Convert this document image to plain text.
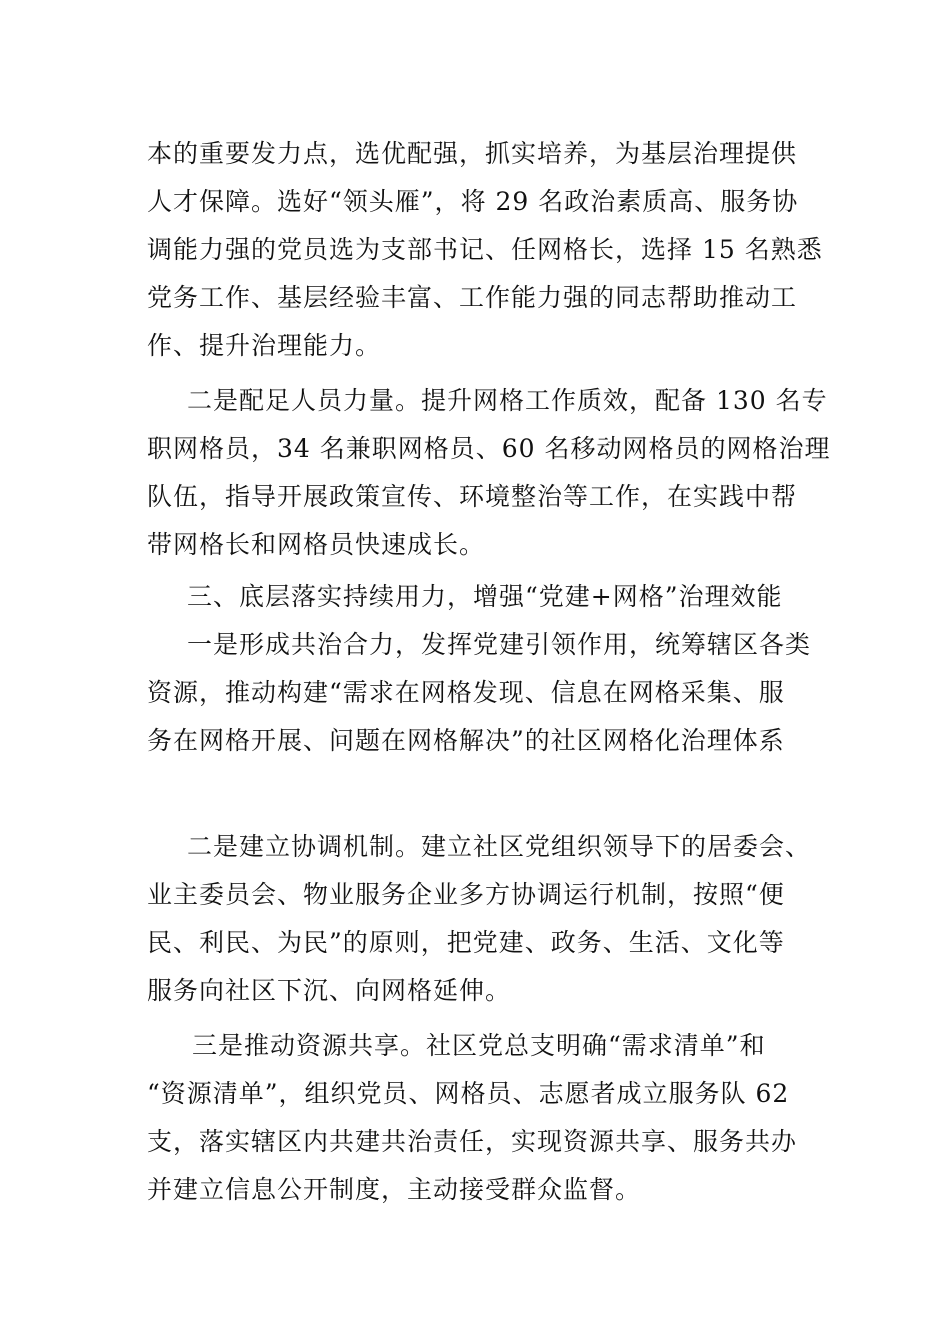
本的重要发力点，选优配强，抓实培养，为基层治理提供
人才保障。选好“领头雁”，将 29 名政治素质高、服务协
调能力强的党员选为支部书记、任网格长，选择 15 名熟悉
党务工作、基层经验丰富、工作能力强的同志帮助推动工
作、提升治理能力。
二是配足人员力量。提升网格工作质效，配备 130 名专
职网格员，34 名兼职网格员、60 名移动网格员的网格治理
队伍，指导开展政策宣传、环境整治等工作，在实践中帮
带网格长和网格员快速成长。
三、底层落实持续用力，增强“党建+网格”治理效能
一是形成共治合力，发挥党建引领作用，统筹辖区各类
资源，推动构建“需求在网格发现、信息在网格采集、服
务在网格开展、问题在网格解决”的社区网格化治理体系
二是建立协调机制。建立社区党组织领导下的居委会、
业主委员会、物业服务企业多方协调运行机制，按照“便
民、利民、为民”的原则，把党建、政务、生活、文化等
服务向社区下沉、向网格延伸。
三是推动资源共享。社区党总支明确“需求清单”和
“资源清单”，组织党员、网格员、志愿者成立服务队 62
支，落实辖区内共建共治责任，实现资源共享、服务共办
并建立信息公开制度，主动接受群众监督。
